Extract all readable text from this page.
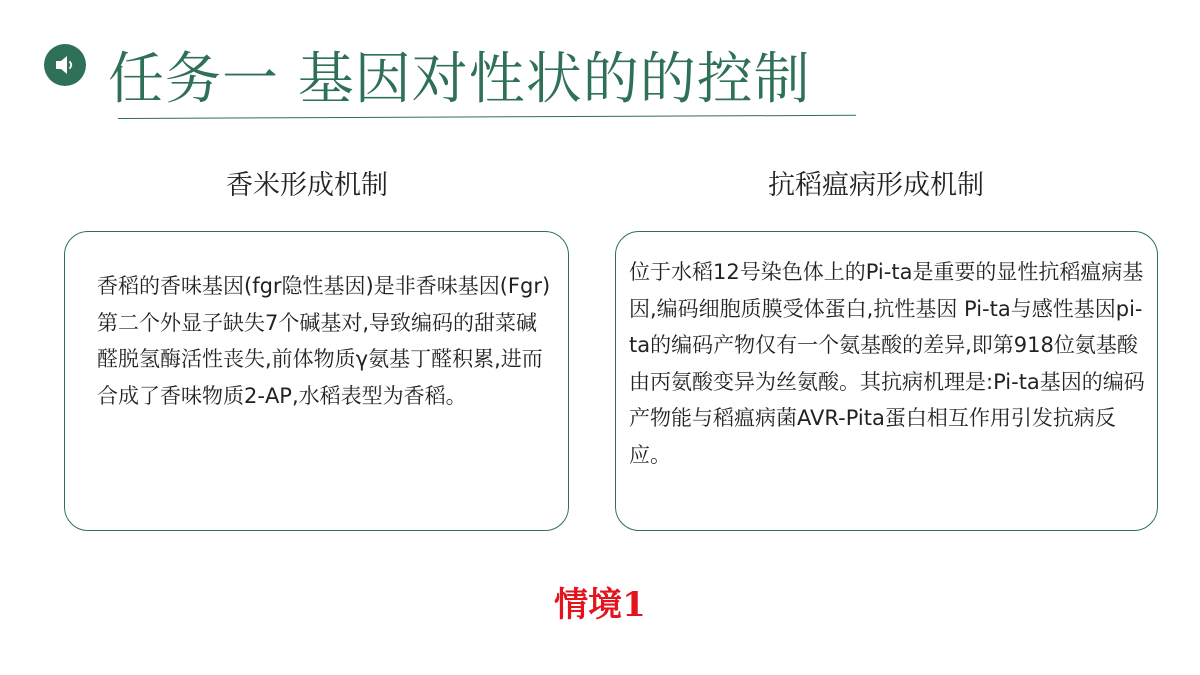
任务一 基因对性状的的控制
香米形成机制	抗稻瘟病形成机制

香稻的香味基因(fgr隐性基因)是非香味基因(Fgr)第二个外显子缺失7个碱基对,导致编码的甜菜碱醛脱氢酶活性丧失,前体物质γ氨基丁醛积累,进而合成了香味物质2-AP,水稻表型为香稻。

位于水稻12号染色体上的Pi-ta是重要的显性抗稻瘟病基因,编码细胞质膜受体蛋白,抗性基因 Pi-ta与感性基因pi-ta的编码产物仅有一个氨基酸的差异,即第918位氨基酸由丙氨酸变异为丝氨酸。其抗病机理是:Pi-ta基因的编码产物能与稻瘟病菌AVR-Pita蛋白相互作用引发抗病反应。

情境1
